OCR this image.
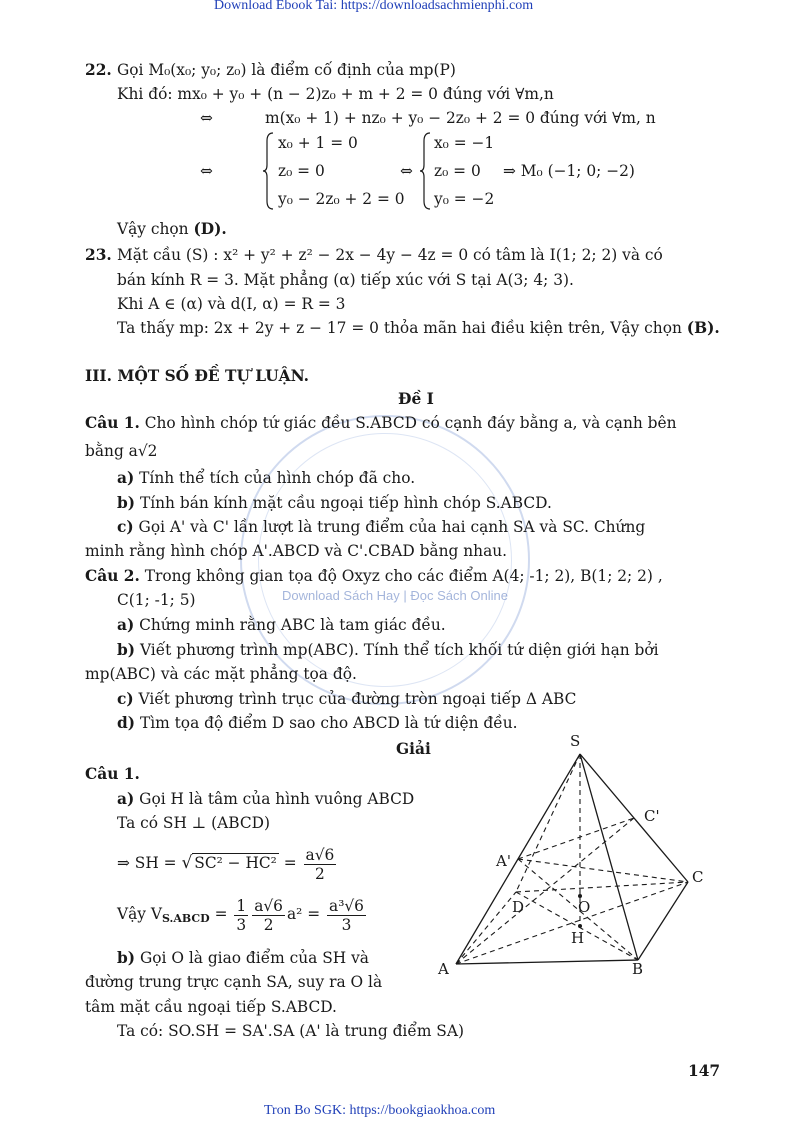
Download Ebook Tai: https://downloadsachmienphi.com
Tron Bo SGK: https://bookgiaokhoa.com
Download Sách Hay | Đọc Sách Online
22. Gọi M₀(x₀; y₀; z₀) là điểm cố định của mp(P)
Khi đó: mx₀ + y₀ + (n − 2)z₀ + m + 2 = 0 đúng với ∀m,n
⇔	m(x₀ + 1) + nz₀ + y₀ − 2z₀ + 2 = 0 đúng với ∀m, n
⇔
x₀ + 1 = 0
z₀ = 0
y₀ − 2z₀ + 2 = 0
⇔
x₀ = −1
z₀ = 0
y₀ = −2
⇒ M₀ (−1; 0; −2)
Vậy chọn (D).
23. Mặt cầu (S) : x² + y² + z² − 2x − 4y − 4z = 0 có tâm là I(1; 2; 2) và có
bán kính R = 3. Mặt phẳng (α) tiếp xúc với S tại A(3; 4; 3).
Khi A ∈ (α) và d(I, α) = R = 3
Ta thấy mp: 2x + 2y + z − 17 = 0 thỏa mãn hai điều kiện trên, Vậy chọn (B).
III. MỘT SỐ ĐỀ TỰ LUẬN.
Đề I
Câu 1. Cho hình chóp tứ giác đều S.ABCD có cạnh đáy bằng a, và cạnh bên
bằng a√2
a) Tính thể tích của hình chóp đã cho.
b) Tính bán kính mặt cầu ngoại tiếp hình chóp S.ABCD.
c) Gọi A' và C' lần lượt là trung điểm của hai cạnh SA và SC. Chứng
minh rằng hình chóp A'.ABCD và C'.CBAD bằng nhau.
Câu 2. Trong không gian tọa độ Oxyz cho các điểm A(4; -1; 2), B(1; 2; 2) ,
C(1; -1; 5)
a) Chứng minh rằng ABC là tam giác đều.
b) Viết phương trình mp(ABC). Tính thể tích khối tứ diện giới hạn bởi
mp(ABC) và các mặt phẳng tọa độ.
c) Viết phương trình trục của đường tròn ngoại tiếp Δ ABC
d) Tìm tọa độ điểm D sao cho ABCD là tứ diện đều.
Giải
Câu 1.
a) Gọi H là tâm của hình vuông ABCD
Ta có SH ⊥ (ABCD)
⇒ SH = √ $SC^2 - HC^2 = \frac{a√6}{2}$
Vậy VS.ABCD = $\frac{1}{3} \frac{a√6}{2} a^2 = \frac{\text{a³√6}}{3}$
b) Gọi O là giao điểm của SH và
đường trung trực cạnh SA, suy ra O là
tâm mặt cầu ngoại tiếp S.ABCD.
Ta có: SO.SH = SA'.SA (A' là trung điểm SA)
147
S
A	B
C
D	O
H
A'
C'
